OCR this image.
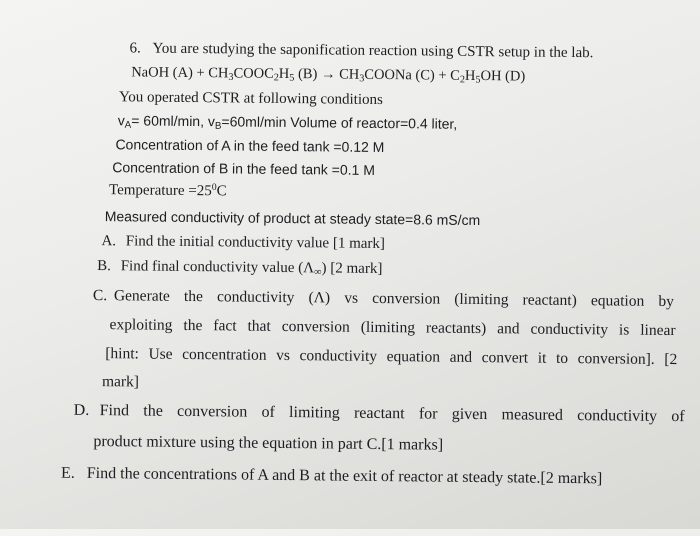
6. You are studying the saponification reaction using CSTR setup in the lab.
NaOH $(A) + CH_3COOC_2H_5$ $(B) \to CH_3COONa$ $(C) + C_2H_5OH$ (D)
You operated CSTR at following conditions
$v_A= 60ml/\min$, $v_B=60ml/\min$ Volume of reactor=0.4 liter,
Concentration of A in the feed tank =0.12 M
Concentration of B in the feed tank =0.1 M
Temperature $=25^0C$
Measured conductivity of product at steady state=8.6 mS/cm
A. Find the initial conductivity value [1 mark]
B. Find final conductivity value $(\Lambda_\infty)$ [2 mark]
C. Generate the conductivity (Λ) vs conversion (limiting reactant) equation by
exploiting the fact that conversion (limiting reactants) and conductivity is linear
[hint: Use concentration vs conductivity equation and convert it to conversion]. [2
mark]
D. Find the conversion of limiting reactant for given measured conductivity of
product mixture using the equation in part C.[1 marks]
E. Find the concentrations of A and B at the exit of reactor at steady state.[2 marks]
